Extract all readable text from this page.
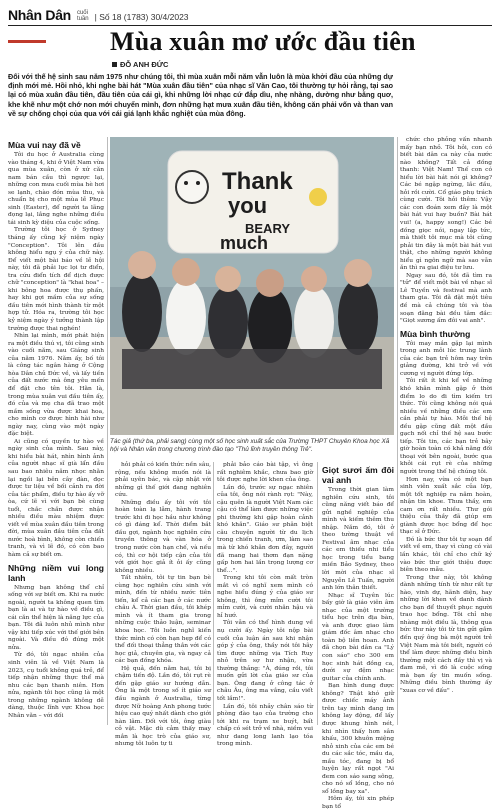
Nhân Dân cuối
tuần | Số 18 (1783) 30/4/2023
Mùa xuân mơ ước đầu tiên
ĐỖ ANH ĐỨC

Đối với thế hệ sinh sau năm 1975 như chúng tôi, thì mùa xuân mỗi năm vẫn luôn là mùa khởi đầu của những dự định mới mẻ. Hồi nhỏ, khi nghe bài hát "Mùa xuân đầu tiên" của nhạc sĩ Văn Cao, tôi thường tự hỏi rằng, tại sao lại có mùa xuân đầu tiên, đầu tiên của cái gì, khi những lời nhạc cứ đắp dìu, nhẹ nhàng, dường như bằng quơ, khe khẽ như một chớ non mới chuyển mình, đơn những hạt mưa xuân đầu tiên, không căn phải vốn và than van về sự chống chọi của qua với cái giá lạnh khắc nghiệt của mùa đông.

Thank
you
BEARY
much

Tác giả (thứ ba, phải sang) cùng một số học sinh xuất sắc của Trường THPT Chuyên Khoa học Xã hội và Nhân văn trong chương trình đào tạo "Thủ lĩnh truyền thông Trẻ".

Mùa vui nay đã về

Tôi du học ở Australia cùng vào tháng 4, khi ở Việt Nam vừa qua mùa xuân, còn ở xứ căn nam bán cầu thì ngược lại, những con mưa cuối mùa hè hơi se lạnh, chào đón mùa thu, và chuẩn bị cho một mùa lễ Phục sinh (Easter), để người ta lãng đọng lại, lắng nghe những điều tái sinh kỳ diệu của cuộc sống.

Trường tôi học ở Sydney tháng ấy cũng kỷ niệm ngày "Conception". Tôi lên đầu không hiểu ngụ ý của chữ này. Để viết một bài báo về lễ hội này, tôi đã phải lục lọi tư điển, tra cứu điển tích để dịch được chữ "conception" là "khai hoa" – khi bông hoa được thụ phấn, hay khi gợi mầm của sự sống đầu tiên mới hình thành từ một hợp tử. Hóa ra, trường tôi học kỷ niệm ngày ý tưởng thành lập trường được thai nghén!

Nhìn lại mình, mới phát hiện ra một điều thú vị, tôi cũng sinh vào cuối năm, sau Giáng sinh của năm 1976. Năm ấy, bố tôi là công tác ngân hàng ở Cộng hòa Dân chủ Đức về, và lấy tiền của đất nước mà ông yêu mến để đặt cho tên tôi. Hằn là, trong mùa xuân vui đầu tiên ấy, đó của và mẹ cha đã trao một mầm sống vừa được khai hoa, cho mình cơ được hình hài như ngày nay, cùng vào một ngày đặc biệt.

Ai cũng có quyền tự hào về ngày sinh của mình. Sau này, khi hiểu bài hát, nhìn hình ảnh của người nhạc sĩ già lẩn đầu sau bao nhiêu năm nhọc nhằn lại ngồi lại bên cây đàn, đọc được tư liệu về bối cảnh ra đời của tác phẩm, điều tự hào ấy vỡ òa, cứ lẽ vì với bạn bè cùng tuổi, chắc chắn được nhận nhiều điều màu nhiệm được viết về mùa xuân đầu tiên trong đời, mùa xuân đầu tiên của đất nước hoà bình, không còn chiến tranh, và vì lẽ đó, có còn bao hàm cả sự biết ơn.

Những niềm vui long lanh

Nhưng bạn không thể chỉ sống với sự biết ơn. Khi ra nước ngoài, người ta không quen tìm bạn là ai và tự hào về điều gì, cái căn thể hiện là năng lực của bạn. Tôi đã luôn nhủ mình như vậy khi tiếp xúc với thế giới bên ngoài. Và điều đó đúng một nửa.

Từ đó, tôi ngạc nhiên của sinh viên là về Việt Nam là 2023, cụ tuổi không quá trẻ, để tiếp nhận những thực thể mà nhu các bạn thanh niên. Hơn nửa, ngành tôi học cũng là một trong những ngành không dễ dàng, thuộc lĩnh vực Khoa học Nhân văn – với đối

hỏi phải có kiến thức nền sâu, rộng, nếu không muốn nói là phải uyên bác, và cập nhật với những gì thế giới đang nghiên cứu.

Những điều ấy tôi với tôi hoàn toàn lạ lẫm, hành trang trước khi đi học hầu như không có gì đáng kể. Thời điểm bắt đầu gợi, ngành học nghiên cứu truyền thông và vàn hóa ở trong nước còn hạn chế, và nếu có, thì cơ hội tiếp cận của tôi với giới học giả ít ỏi ấy cũng không nhiều.

Tất nhiên, tôi tự tin bạn bè cùng học nghiên cứu sinh với mình, đến từ nhiều nước tiên tiến, kể cả các bạn ở các nước châu Á. Thời gian đầu, tôi khép mình và ít tham gia trong những cuộc thảo luận, seminar khoa học. Tôi luôn nghĩ kiến thức mình có còn hạn hẹp để có thể đối thoại thẳng thắn với các học giả, chuyên gia, và ngay cả các bạn đồng khóa.

Hệ quả, đến năm hai, tôi bị chậm tiến độ. Lần đó, tôi rụt rè đến gặp giáo sư hướng dẫn. Ông là một trong số ít giáo sư đầu ngành ở Australia, từng được Nữ hoàng Anh phong tước hiệu cao quý nhất dành cho giới hàn lâm. Đối với tôi, ông giàu cỏ vật. Mặc dù cảm thấy may mắn là học trò của giáo sư, nhưng tôi luôn tự ti

phải bảo cáo bài tập, vì ông rất nghiêm khắc, chưa bao giờ tôi được nghe lời khen của ông.

Lần đó, trước sự ngạc nhiên của tôi, ông nói rành rọt: "Này, cậu quên là người Việt Nam các cậu có thể làm được những việc phi thường khi gặp hoàn cảnh khó khăn". Giáo sư phân biệt câu chuyện người từ du lịch trong chiến tranh, ưm, làm sao mà từ khó khăn đơn đây, người đã mang hai thơm đạn nặng gấp hơn hai lần trọng lượng cơ thể…".

Trong khi tôi còn mất tròn mắt vì có nghĩ xem mình có nghe hiểu đúng ý của giáo sư không, thì ông mỉm cười tôi mỉm cười, và cười nhăn hậu và hỉ hướ.

Tôi vẫn có thể hình dung về nụ cười ấy. Ngày tôi nộp bài cuối của luận án sau khi nhận góp ý của ông, thầy nói tôi hãy tìm được những vịa Tích Ruy nhỏ trên sợ hư nhận, vừa thường thảng: "À, đúng rồi, tôi muốn gửi lời của giáo sư của bạn. Ông đang ở công tác ở châu Âu, ông ma vắng, cầu viết tốt lắm!".

Lần đó, tôi nhảy chân sáo từ phòng đào tạo của trường cho tới khi ra trạm xe buýt, bất chấp có sét trở về nhà, niềm vui như dang long lanh lạo tóa trong mình.

Giọt sươi ấm đôi vai anh

Trong thời gian làm nghiên cứu sinh, tôi cũng năng viết báo để gửi nghề nghiệp của mình và kiếm thêm thu nhập. Năm đó, tôi ở theo tường thuật về Festival âm nhạc của các em thiếu nhi tiểu học trong tiểu bang miền Bảo Sydney, theo lời mời của nhạc sĩ Nguyễn Lê Tuấn, người anh lớn thân thiết.

Nhạc sĩ Tuyên lúc bấy giờ là giáo viên âm nhạc của một trường tiểu học trên địa bàn, và anh được giao làm giám đốc âm nhạc cho toàn bộ liên hoan. Anh đã chọn bài dân ca "Lý con sáo" cho 300 em học sinh hát đồng ca, dưới sự đệm nhạc guitar của chính anh.

Bạn hình dung được không? Thật khó giữ được chiếc máy ảnh trên tay mình đang im không lay động, để lấy được khung hình nét, khi nhìn thấy hơn sân khấu, 300 khuôn miệng nhỏ xinh của các em bé du các sắc tóc, mầu da, mầu tóc, đang bị bổ luyện lạy rất ngọt "Ai đem con sáo sang sông, cho nó sổ lồng, cho nó sổ lồng bay xa".

Hôm ấy, tôi xin phép bạn tổ

chức cho phỏng vấn nhanh mấy bạn nhỏ. Tôi hỏi, con có biết bài dân ca này của nước nào không? Tất cả đồng thanh: Việt Nam! Thế con có hiểu lời bài hát nói gì không? Các bé ngập ngừng, lắc đầu, hỏi rồi cười. Cổ giáo phụ trách cùng cười. Tôi hỏi thêm: Vậy các con đoán xem đây là một bài hát vui hay buồn? Bài hát vui! (a, happy song!) Các bé đồng giọc nói, ngay lập tức, mà thiết tôi mục mà tôi cũng phải tin đây là một bài hát vui thật, cho những người không hiểu gì ngôn ngữ mà sao vẫn ăn thì ra giai điệu tư lưu.

Ngay sau đó, tôi đã tìm ra "tử" để viết một bài về nhạc sĩ Lê Tuyền và festival mà anh tham gia. Tôi đã đặt một tiêu đề mà cả chúng tôi và tòa soạn đăng bài đều tâm đắc: "Giọt sương ấm đôi vai anh".

Mùa bình thường

Tôi may mắn gặp lại mình trong anh mỗi lúc trung lành của các bạn trẻ hôm nay trên giảng đường, khi trở về với cương vị người đứng lớp.

Tôi rất ít khi kể về những khó khăn mình gặp ở thời điểm lo do đi tìm kiếm tri thức. Tôi cũng không nói quá nhiều về những điều các em cần phải tự hào. Mỗi thế hệ đều gặp cũng đất một đầu gạch nối chỉ thế hệ sau bước tiếp. Tôi tin, các bạn trẻ bây giờ hoàn toàn có khả năng đối thoại với bên ngoài, bước qua khỏi cái rụt rè của những người trong thế hệ chúng tôi.

Hơn nay, vừa có một bạn sinh viên xuất sắc của lớp, một tốt nghiệp ra năm hoàn, nhận tin khoe. Thưa thầy, em cam ơn rất nhiều. Thư gói thiệu của thầy đã giúp em giành được học bổng để học thạc sĩ ở Đức.

Đó là bức thư tôi tự soạn để viết về em, thay vì cùng có vài lần khác, tôi chỉ cho chữ ký vào bức thư giới thiệu được biên theo mẫu.

Trong thư này, tôi không dành những tính từ như rất tự hào, vinh dự, hãnh diện, hay những lời khen về danh dành cho bạn để thuyết phục người trao học bổng. Tôi chỉ nhẹ nhàng một điều là, thông qua bức thư này tôi từ tin gửi gắm đến quý ông bà một người trẻ Việt Nam mà tôi biết, người có thể làm được những điều bình thường một cách đầy thì vị và đam mê, vì đó là cuộc sống mà bạn ấy tin muốn sống. Những điều bình thường ấy "xuas cơ về đấu" .
